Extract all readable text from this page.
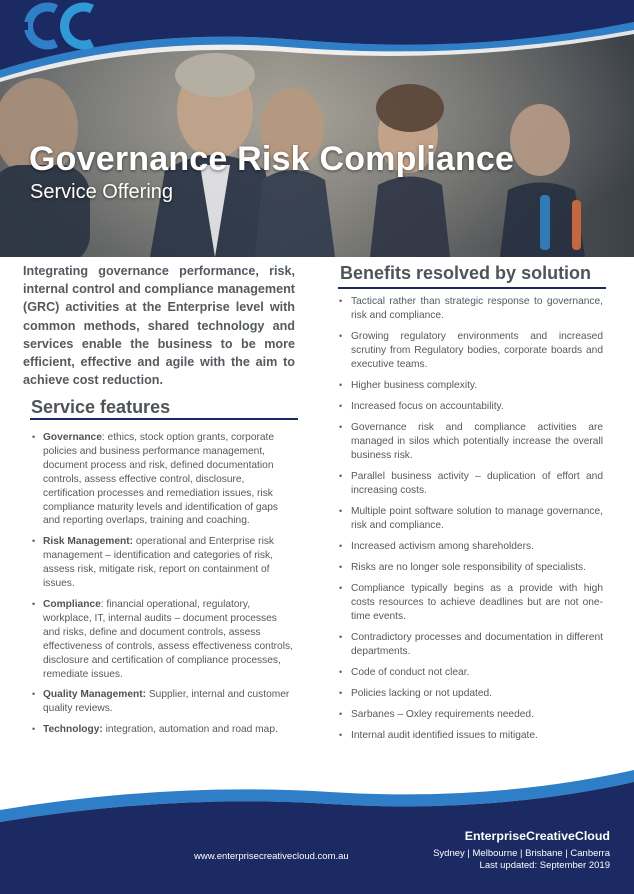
Governance Risk Compliance

Service Offering

Integrating governance performance, risk, internal control and compliance management (GRC) activities at the Enterprise level with common methods, shared technology and services enable the business to be more efficient, effective and agile with the aim to achieve cost reduction.

Service features
• Governance: ethics, stock option grants, corporate policies and business performance management, document process and risk, defined documentation controls, assess effective control, disclosure, certification processes and remediation issues, risk compliance maturity levels and identification of gaps and reporting overlaps, training and coaching.
• Risk Management: operational and Enterprise risk management – identification and categories of risk, assess risk, mitigate risk, report on containment of issues.
• Compliance: financial operational, regulatory, workplace, IT, internal audits – document processes and risks, define and document controls, assess effectiveness of controls, assess effectiveness controls, disclosure and certification of compliance processes, remediate issues.
• Quality Management: Supplier, internal and customer quality reviews.
• Technology: integration, automation and road map.
Benefits resolved by solution
• Tactical rather than strategic response to governance, risk and compliance.
• Growing regulatory environments and increased scrutiny from Regulatory bodies, corporate boards and executive teams.
• Higher business complexity.
• Increased focus on accountability.
• Governance risk and compliance activities are managed in silos which potentially increase the overall business risk.
• Parallel business activity – duplication of effort and increasing costs.
• Multiple point software solution to manage governance, risk and compliance.
• Increased activism among shareholders.
• Risks are no longer sole responsibility of specialists.
• Compliance typically begins as a provide with high costs resources to achieve deadlines but are not one-time events.
• Contradictory processes and documentation in different departments.
• Code of conduct not clear.
• Policies lacking or not updated.
• Sarbanes – Oxley requirements needed.
• Internal audit identified issues to mitigate.

www.enterprisecreativecloud.com.au

EnterpriseCreativeCloud

Sydney | Melbourne | Brisbane | Canberra

Last updated: September 2019
